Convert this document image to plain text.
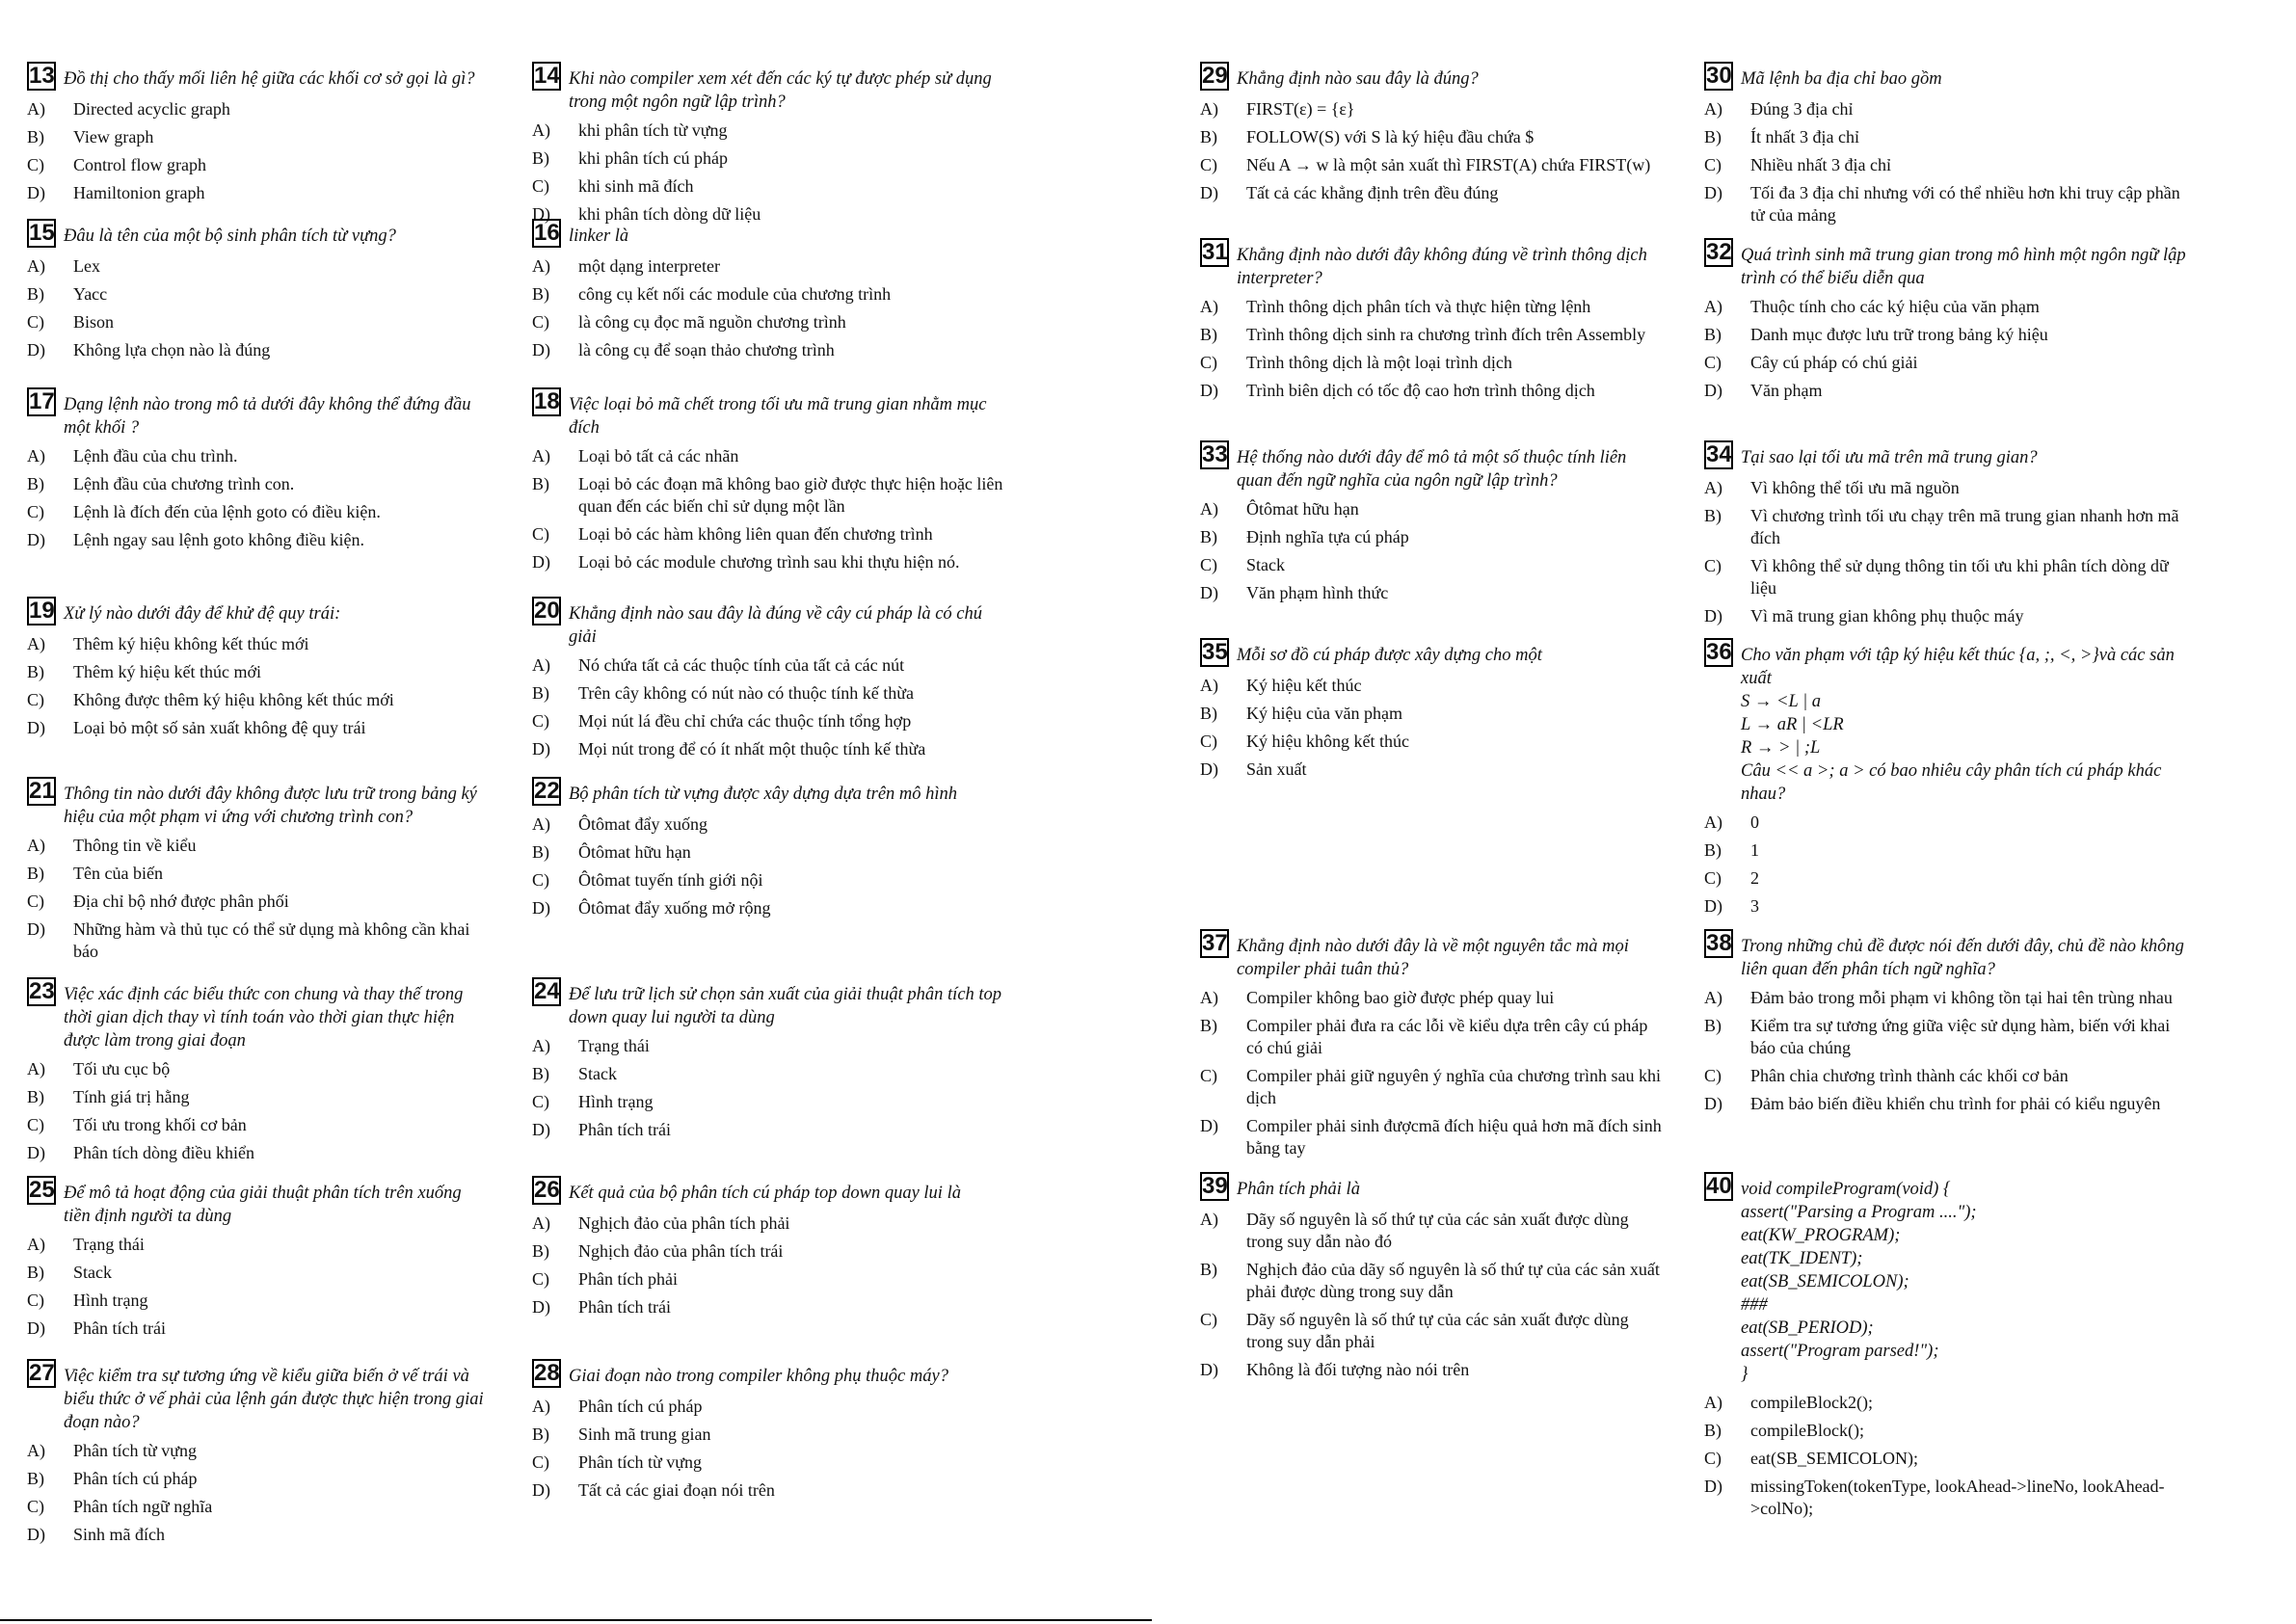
13 Đồ thị cho thấy mối liên hệ giữa các khối cơ sở gọi là gì?
A)	Directed acyclic graph
B)	View graph
C)	Control flow graph
D)	Hamiltonion graph
15 Đâu là tên của một bộ sinh phân tích từ vựng?
A)	Lex
B)	Yacc
C)	Bison
D)	Không lựa chọn nào là đúng
17 Dạng lệnh nào trong mô tả dưới đây không thể đứng đầu một khối ?
A)	Lệnh đầu của chu trình.
B)	Lệnh đầu của chương trình con.
C)	Lệnh là đích đến của lệnh goto có điều kiện.
D)	Lệnh ngay sau lệnh goto không điều kiện.
19 Xử lý nào dưới đây để khử đệ quy trái:
A)	Thêm ký hiệu không kết thúc mới
B)	Thêm ký hiệu kết thúc mới
C)	Không được thêm ký hiệu không kết thúc mới
D)	Loại bỏ một số sản xuất không đệ quy trái
21 Thông tin nào dưới đây không được lưu trữ trong bảng ký hiệu của một phạm vi ứng với chương trình con?
A)	Thông tin về kiểu
B)	Tên của biến
C)	Địa chỉ bộ nhớ được phân phối
D)	Những hàm và thủ tục có thể sử dụng mà không cần khai báo
23 Việc xác định các biểu thức con chung và thay thế trong thời gian dịch thay vì tính toán vào thời gian thực hiện được làm trong giai đoạn
A)	Tối ưu cục bộ
B)	Tính giá trị hằng
C)	Tối ưu trong khối cơ bản
D)	Phân tích dòng điều khiển
25 Để mô tả hoạt động của giải thuật phân tích trên xuống tiền định người ta dùng
A)	Trạng thái
B)	Stack
C)	Hình trạng
D)	Phân tích trái
27 Việc kiểm tra sự tương ứng về kiểu giữa biến ở vế trái và biểu thức ở vế phải của lệnh gán được thực hiện trong giai đoạn nào?
A)	Phân tích từ vựng
B)	Phân tích cú pháp
C)	Phân tích ngữ nghĩa
D)	Sinh mã đích
14 Khi nào compiler xem xét đến các ký tự được phép sử dụng trong một ngôn ngữ lập trình?
A)	khi phân tích từ vựng
B)	khi phân tích cú pháp
C)	khi sinh mã đích
D)	khi phân tích dòng dữ liệu
16 linker là
A)	một dạng interpreter
B)	công cụ kết nối các module của chương trình
C)	là công cụ đọc mã nguồn chương trình
D)	là công cụ để soạn thảo chương trình
18 Việc loại bỏ mã chết trong tối ưu mã trung gian nhằm mục đích
A)	Loại bỏ tất cả các nhãn
B)	Loại bỏ các đoạn mã không bao giờ được thực hiện hoặc liên quan đến các biến chỉ sử dụng một lần
C)	Loại bỏ các hàm không liên quan đến chương trình
D)	Loại bỏ các module chương trình sau khi thựu hiện nó.
20 Khẳng định nào sau đây là đúng về cây cú pháp là có chú giải
A)	Nó chứa tất cả các thuộc tính của tất cả các nút
B)	Trên cây không có nút nào có thuộc tính kế thừa
C)	Mọi nút lá đều chỉ chứa các thuộc tính tổng hợp
D)	Mọi nút trong để có ít nhất một thuộc tính kế thừa
22 Bộ phân tích từ vựng được xây dựng dựa trên mô hình
A)	Ôtômat đẩy xuống
B)	Ôtômat hữu hạn
C)	Ôtômat tuyến tính giới nội
D)	Ôtômat đẩy xuống mở rộng
24 Để lưu trữ lịch sử chọn sản xuất của giải thuật phân tích top down quay lui người ta dùng
A)	Trạng thái
B)	Stack
C)	Hình trạng
D)	Phân tích trái
26 Kết quả của bộ phân tích cú pháp top down quay lui là
A)	Nghịch đảo của phân tích phải
B)	Nghịch đảo của phân tích trái
C)	Phân tích phải
D)	Phân tích trái
28 Giai đoạn nào trong compiler không phụ thuộc máy?
A)	Phân tích cú pháp
B)	Sinh mã trung gian
C)	Phân tích từ vựng
D)	Tất cả các giai đoạn nói trên
29 Khẳng định nào sau đây là đúng?
A)	FIRST(ε) = {ε}
B)	FOLLOW(S) với S là ký hiệu đầu chứa $
C)	Nếu A → w là một sản xuất thì FIRST(A) chứa FIRST(w)
D)	Tất cả các khẳng định trên đều đúng
31 Khẳng định nào dưới đây không đúng về trình thông dịch interpreter?
A)	Trình thông dịch phân tích và thực hiện từng lệnh
B)	Trình thông dịch sinh ra chương trình đích trên Assembly
C)	Trình thông dịch là một loại trình dịch
D)	Trình biên dịch có tốc độ cao hơn trình thông dịch
33 Hệ thống nào dưới đây để mô tả một số thuộc tính liên quan đến ngữ nghĩa của ngôn ngữ lập trình?
A)	Ôtômat hữu hạn
B)	Định nghĩa tựa cú pháp
C)	Stack
D)	Văn phạm hình thức
35 Mỗi sơ đồ cú pháp được xây dựng cho một
A)	Ký hiệu kết thúc
B)	Ký hiệu của văn phạm
C)	Ký hiệu không kết thúc
D)	Sản xuất
37 Khẳng định nào dưới đây là về một nguyên tắc mà mọi compiler phải tuân thủ?
A)	Compiler không bao giờ được phép quay lui
B)	Compiler phải đưa ra các lỗi về kiểu dựa trên cây cú pháp có chú giải
C)	Compiler phải giữ nguyên ý nghĩa của chương trình sau khi dịch
D)	Compiler phải sinh đượcmã đích hiệu quả hơn mã đích sinh bằng tay
39 Phân tích phải là
A)	Dãy số nguyên là số thứ tự của các sản xuất được dùng trong suy dẫn nào đó
B)	Nghịch đảo của dãy số nguyên là số thứ tự của các sản xuất phải được dùng trong suy dẫn
C)	Dãy số nguyên là số thứ tự của các sản xuất được dùng trong suy dẫn phải
D)	Không là đối tượng nào nói trên
30 Mã lệnh ba địa chỉ bao gồm
A)	Đúng 3 địa chỉ
B)	Ít nhất 3 địa chỉ
C)	Nhiều nhất 3 địa chỉ
D)	Tối đa 3 địa chỉ nhưng với có thể nhiều hơn khi truy cập phần tử của mảng
32 Quá trình sinh mã trung gian trong mô hình một ngôn ngữ lập trình có thể biểu diễn qua
A)	Thuộc tính cho các ký hiệu của văn phạm
B)	Danh mục được lưu trữ trong bảng ký hiệu
C)	Cây cú pháp có chú giải
D)	Văn phạm
34 Tại sao lại tối ưu mã trên mã trung gian?
A)	Vì không thể tối ưu mã nguồn
B)	Vì chương trình tối ưu chạy trên mã trung gian nhanh hơn mã đích
C)	Vì không thể sử dụng thông tin tối ưu khi phân tích dòng dữ liệu
D)	Vì mã trung gian không phụ thuộc máy
36 Cho văn phạm với tập ký hiệu kết thúc {a, ;, <, >}và các sản xuất
S → <L | a
L → aR | <LR
R → > | ;L
Câu << a >; a > có bao nhiêu cây phân tích cú pháp khác nhau?
A)	0
B)	1
C)	2
D)	3
38 Trong những chủ đề được nói đến dưới đây, chủ đề nào không liên quan đến phân tích ngữ nghĩa?
A)	Đảm bảo trong mỗi phạm vi không tồn tại hai tên trùng nhau
B)	Kiểm tra sự tương ứng giữa việc sử dụng hàm, biến với khai báo của chúng
C)	Phân chia chương trình thành các khối cơ bản
D)	Đảm bảo biến điều khiển chu trình for phải có kiểu nguyên
40 void compileProgram(void) {
assert("Parsing a Program ....");
eat(KW_PROGRAM);
eat(TK_IDENT);
eat(SB_SEMICOLON);
###
eat(SB_PERIOD);
assert("Program parsed!");
}
A)	compileBlock2();
B)	compileBlock();
C)	eat(SB_SEMICOLON);
D)	missingToken(tokenType, lookAhead->lineNo, lookAhead->colNo);
